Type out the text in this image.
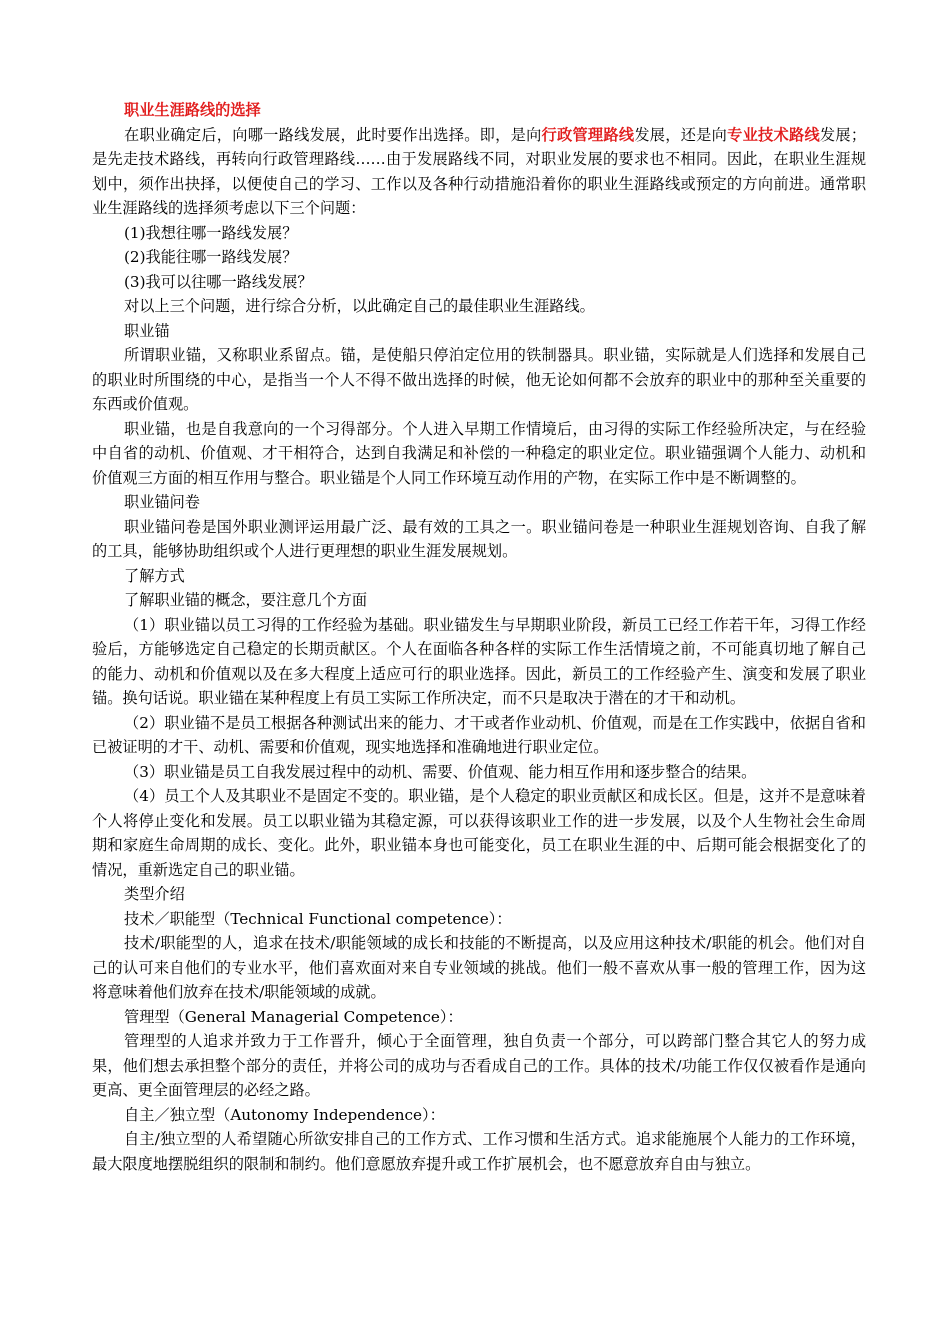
职业生涯路线的选择

在职业确定后，向哪一路线发展，此时要作出选择。即，是向行政管理路线发展，还是向专业技术路线发展；是先走技术路线，再转向行政管理路线……由于发展路线不同，对职业发展的要求也不相同。因此，在职业生涯规划中，须作出抉择，以便使自己的学习、工作以及各种行动措施沿着你的职业生涯路线或预定的方向前进。通常职业生涯路线的选择须考虑以下三个问题：

(1)我想往哪一路线发展？

(2)我能往哪一路线发展？

(3)我可以往哪一路线发展？

对以上三个问题，进行综合分析，以此确定自己的最佳职业生涯路线。

职业锚

所谓职业锚，又称职业系留点。锚，是使船只停泊定位用的铁制器具。职业锚，实际就是人们选择和发展自己的职业时所围绕的中心，是指当一个人不得不做出选择的时候，他无论如何都不会放弃的职业中的那种至关重要的东西或价值观。

职业锚，也是自我意向的一个习得部分。个人进入早期工作情境后，由习得的实际工作经验所决定，与在经验中自省的动机、价值观、才干相符合，达到自我满足和补偿的一种稳定的职业定位。职业锚强调个人能力、动机和价值观三方面的相互作用与整合。职业锚是个人同工作环境互动作用的产物，在实际工作中是不断调整的。

职业锚问卷

职业锚问卷是国外职业测评运用最广泛、最有效的工具之一。职业锚问卷是一种职业生涯规划咨询、自我了解的工具，能够协助组织或个人进行更理想的职业生涯发展规划。

了解方式

了解职业锚的概念，要注意几个方面

（1）职业锚以员工习得的工作经验为基础。职业锚发生与早期职业阶段，新员工已经工作若干年，习得工作经验后，方能够选定自己稳定的长期贡献区。个人在面临各种各样的实际工作生活情境之前，不可能真切地了解自己的能力、动机和价值观以及在多大程度上适应可行的职业选择。因此，新员工的工作经验产生、演变和发展了职业锚。换句话说。职业锚在某种程度上有员工实际工作所决定，而不只是取决于潜在的才干和动机。

（2）职业锚不是员工根据各种测试出来的能力、才干或者作业动机、价值观，而是在工作实践中，依据自省和已被证明的才干、动机、需要和价值观，现实地选择和准确地进行职业定位。

（3）职业锚是员工自我发展过程中的动机、需要、价值观、能力相互作用和逐步整合的结果。

（4）员工个人及其职业不是固定不变的。职业锚，是个人稳定的职业贡献区和成长区。但是，这并不是意味着个人将停止变化和发展。员工以职业锚为其稳定源，可以获得该职业工作的进一步发展，以及个人生物社会生命周期和家庭生命周期的成长、变化。此外，职业锚本身也可能变化，员工在职业生涯的中、后期可能会根据变化了的情况，重新选定自己的职业锚。

类型介绍

技术／职能型（Technical Functional competence）：

技术/职能型的人，追求在技术/职能领域的成长和技能的不断提高，以及应用这种技术/职能的机会。他们对自己的认可来自他们的专业水平，他们喜欢面对来自专业领域的挑战。他们一般不喜欢从事一般的管理工作，因为这将意味着他们放弃在技术/职能领域的成就。

管理型（General Managerial Competence）：

管理型的人追求并致力于工作晋升，倾心于全面管理，独自负责一个部分，可以跨部门整合其它人的努力成果，他们想去承担整个部分的责任，并将公司的成功与否看成自己的工作。具体的技术/功能工作仅仅被看作是通向更高、更全面管理层的必经之路。

自主／独立型（Autonomy Independence）：

自主/独立型的人希望随心所欲安排自己的工作方式、工作习惯和生活方式。追求能施展个人能力的工作环境，最大限度地摆脱组织的限制和制约。他们意愿放弃提升或工作扩展机会，也不愿意放弃自由与独立。
